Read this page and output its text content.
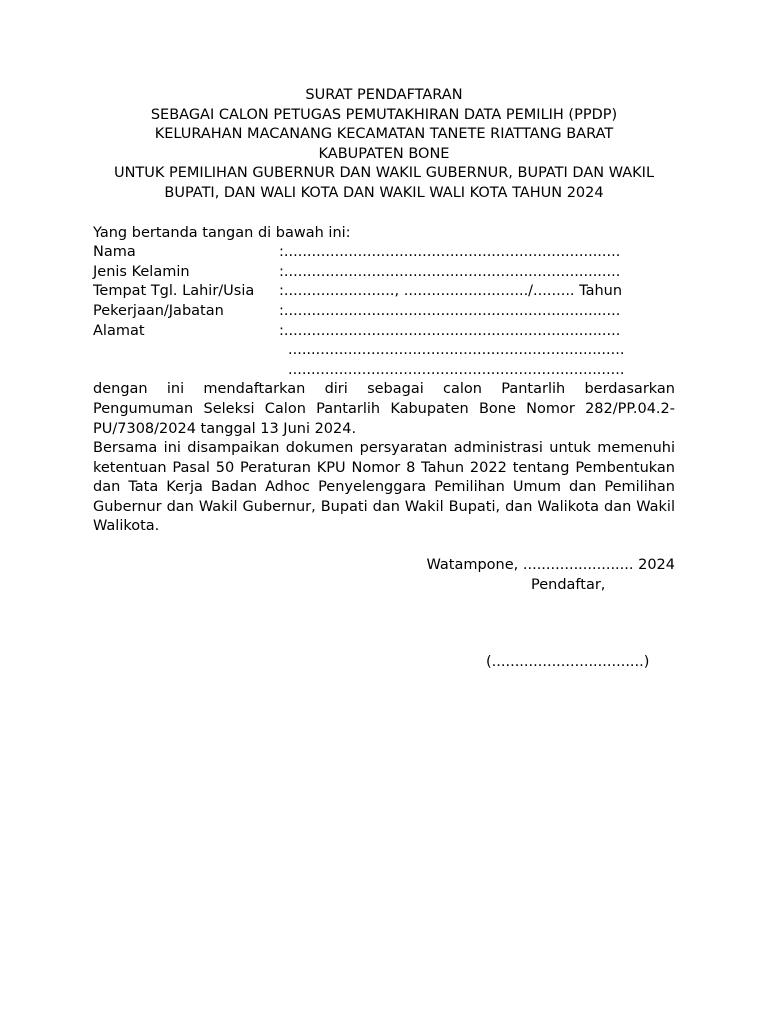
SURAT PENDAFTARAN
SEBAGAI CALON PETUGAS PEMUTAKHIRAN DATA PEMILIH (PPDP)
KELURAHAN MACANANG KECAMATAN TANETE RIATTANG BARAT
KABUPATEN BONE
UNTUK PEMILIHAN GUBERNUR DAN WAKIL GUBERNUR, BUPATI DAN WAKIL
BUPATI, DAN WALI KOTA DAN WAKIL WALI KOTA TAHUN 2024
Yang bertanda tangan di bawah ini:
Nama	: .........................................................................
Jenis Kelamin	: .........................................................................
Tempat Tgl. Lahir/Usia	: ........................, .........................../......... Tahun
Pekerjaan/Jabatan	: .........................................................................
Alamat	: .........................................................................
.........................................................................
.........................................................................

dengan ini mendaftarkan diri sebagai calon Pantarlih berdasarkan Pengumuman Seleksi Calon Pantarlih Kabupaten Bone Nomor 282/PP.04.2-PU/7308/2024 tanggal 13 Juni 2024.

Bersama ini disampaikan dokumen persyaratan administrasi untuk memenuhi ketentuan Pasal 50 Peraturan KPU Nomor 8 Tahun 2022 tentang Pembentukan dan Tata Kerja Badan Adhoc Penyelenggara Pemilihan Umum dan Pemilihan Gubernur dan Wakil Gubernur, Bupati dan Wakil Bupati, dan Walikota dan Wakil Walikota.

Watampone, ........................ 2024
Pendaftar,
(.................................)
